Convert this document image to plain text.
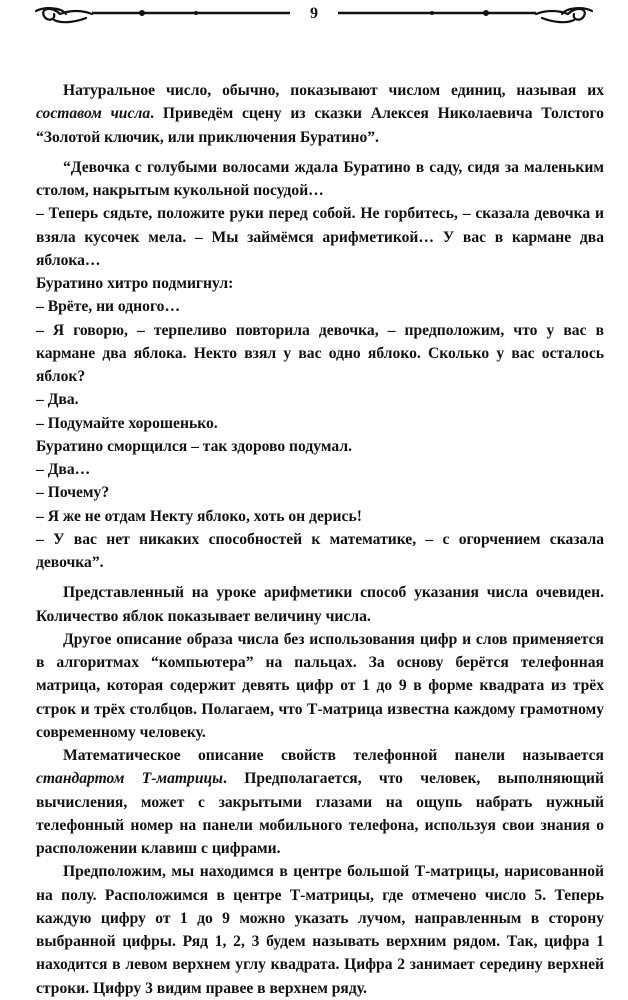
9

Натуральное число, обычно, показывают числом единиц, называя их составом числа. Приведём сцену из сказки Алексея Николаевича Толстого “Золотой ключик, или приключения Буратино”.

“Девочка с голубыми волосами ждала Буратино в саду, сидя за маленьким столом, накрытым кукольной посудой…

– Теперь сядьте, положите руки перед собой. Не горбитесь, – сказала девочка и взяла кусочек мела. – Мы займёмся арифметикой… У вас в кармане два яблока…

Буратино хитро подмигнул:

– Врёте, ни одного…

– Я говорю, – терпеливо повторила девочка, – предположим, что у вас в кармане два яблока. Некто взял у вас одно яблоко. Сколько у вас осталось яблок?

– Два.

– Подумайте хорошенько.

Буратино сморщился – так здорово подумал.

– Два…

– Почему?

– Я же не отдам Некту яблоко, хоть он дерись!

– У вас нет никаких способностей к математике, – с огорчением сказала девочка”.

Представленный на уроке арифметики способ указания числа очевиден. Количество яблок показывает величину числа.

Другое описание образа числа без использования цифр и слов применяется в алгоритмах “компьютера” на пальцах. За основу берётся телефонная матрица, которая содержит девять цифр от 1 до 9 в форме квадрата из трёх строк и трёх столбцов. Полагаем, что Т-матрица известна каждому грамотному современному человеку.

Математическое описание свойств телефонной панели называется стандартом Т-матрицы. Предполагается, что человек, выполняющий вычисления, может с закрытыми глазами на ощупь набрать нужный телефонный номер на панели мобильного телефона, используя свои знания о расположении клавиш с цифрами.

Предположим, мы находимся в центре большой Т-матрицы, нарисованной на полу. Расположимся в центре Т-матрицы, где отмечено число 5. Теперь каждую цифру от 1 до 9 можно указать лучом, направленным в сторону выбранной цифры. Ряд 1, 2, 3 будем называть верхним рядом. Так, цифра 1 находится в левом верхнем углу квадрата. Цифра 2 занимает середину верхней строки. Цифру 3 видим правее в верхнем ряду.
